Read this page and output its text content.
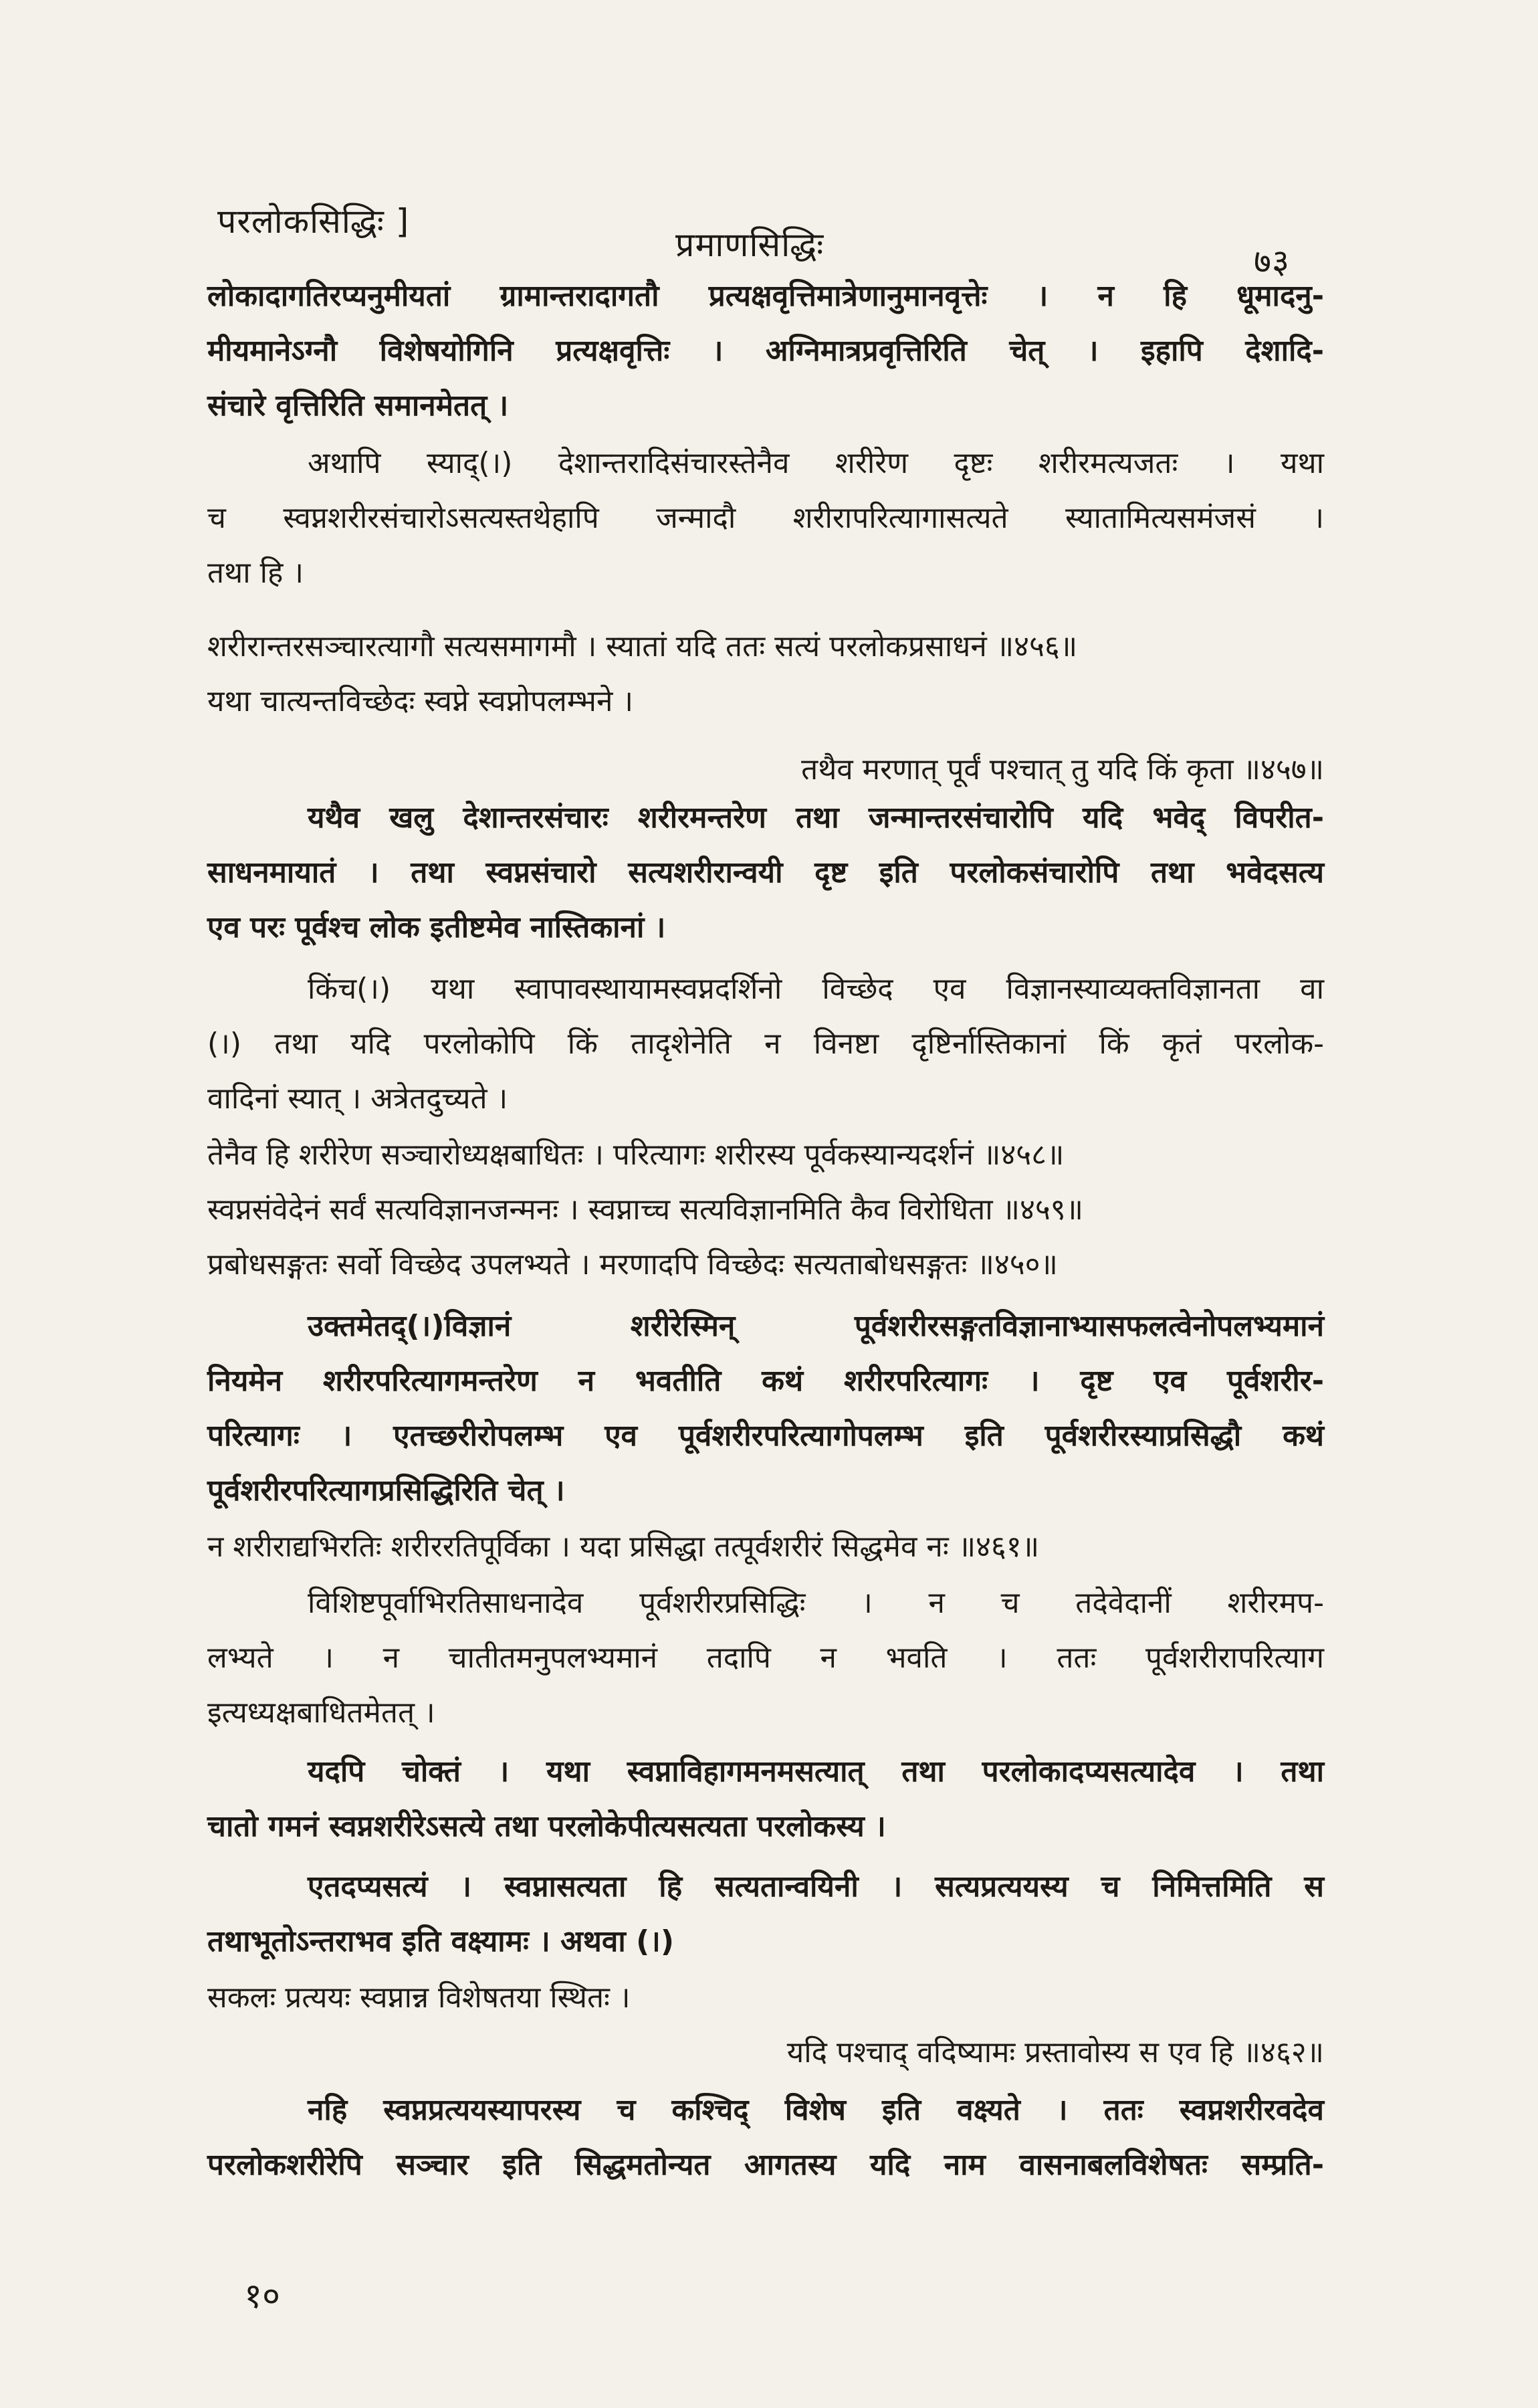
परलोकसिद्धिः ]
प्रमाणसिद्धिः	७३

लोकादागतिरप्यनुमीयतां ग्रामान्तरादागतौ प्रत्यक्षवृत्तिमात्रेणानुमानवृत्तेः । न हि धूमादनु-

मीयमानेऽग्नौ विशेषयोगिनि प्रत्यक्षवृत्तिः । अग्निमात्रप्रवृत्तिरिति चेत् । इहापि देशादि-

संचारे वृत्तिरिति समानमेतत् ।

अथापि स्याद्(।) देशान्तरादिसंचारस्तेनैव शरीरेण दृष्टः शरीरमत्यजतः । यथा

च स्वप्नशरीरसंचारोऽसत्यस्तथेहापि जन्मादौ शरीरापरित्यागासत्यते स्यातामित्यसमंजसं ।

तथा हि ।

शरीरान्तरसञ्चारत्यागौ सत्यसमागमौ । स्यातां यदि ततः सत्यं परलोकप्रसाधनं ॥४५६॥

यथा चात्यन्तविच्छेदः स्वप्ने स्वप्नोपलम्भने ।

तथैव मरणात् पूर्वं पश्चात् तु यदि किं कृता ॥४५७॥

यथैव खलु देशान्तरसंचारः शरीरमन्तरेण तथा जन्मान्तरसंचारोपि यदि भवेद् विपरीत-

साधनमायातं । तथा स्वप्नसंचारो सत्यशरीरान्वयी दृष्ट इति परलोकसंचारोपि तथा भवेदसत्य

एव परः पूर्वश्च लोक इतीष्टमेव नास्तिकानां ।

किंच(।) यथा स्वापावस्थायामस्वप्नदर्शिनो विच्छेद एव विज्ञानस्याव्यक्तविज्ञानता वा

(।) तथा यदि परलोकोपि किं तादृशेनेति न विनष्टा दृष्टिर्नास्तिकानां किं कृतं परलोक-

वादिनां स्यात् । अत्रेतदुच्यते ।

तेनैव हि शरीरेण सञ्चारोध्यक्षबाधितः । परित्यागः शरीरस्य पूर्वकस्यान्यदर्शनं ॥४५८॥

स्वप्नसंवेदेनं सर्वं सत्यविज्ञानजन्मनः । स्वप्नाच्च सत्यविज्ञानमिति कैव विरोधिता ॥४५९॥

प्रबोधसङ्गतः सर्वो विच्छेद उपलभ्यते । मरणादपि विच्छेदः सत्यताबोधसङ्गतः ॥४५०॥

उक्तमेतद्(।)विज्ञानं शरीरेस्मिन् पूर्वशरीरसङ्गतविज्ञानाभ्यासफलत्वेनोपलभ्यमानं

नियमेन शरीरपरित्यागमन्तरेण न भवतीति कथं शरीरपरित्यागः । दृष्ट एव पूर्वशरीर-

परित्यागः । एतच्छरीरोपलम्भ एव पूर्वशरीरपरित्यागोपलम्भ इति पूर्वशरीरस्याप्रसिद्धौ कथं

पूर्वशरीरपरित्यागप्रसिद्धिरिति चेत् ।

न शरीराद्यभिरतिः शरीररतिपूर्विका । यदा प्रसिद्धा तत्पूर्वशरीरं सिद्धमेव नः ॥४६१॥

विशिष्टपूर्वाभिरतिसाधनादेव पूर्वशरीरप्रसिद्धिः । न च तदेवेदानीं शरीरमप-

लभ्यते । न चातीतमनुपलभ्यमानं तदापि न भवति । ततः पूर्वशरीरापरित्याग

इत्यध्यक्षबाधितमेतत् ।

यदपि चोक्तं । यथा स्वप्नाविहागमनमसत्यात् तथा परलोकादप्यसत्यादेव । तथा

चातो गमनं स्वप्नशरीरेऽसत्ये तथा परलोकेपीत्यसत्यता परलोकस्य ।

एतदप्यसत्यं । स्वप्नासत्यता हि सत्यतान्वयिनी । सत्यप्रत्ययस्य च निमित्तमिति स

तथाभूतोऽन्तराभव इति वक्ष्यामः । अथवा (।)

सकलः प्रत्ययः स्वप्नान्न विशेषतया स्थितः ।

यदि पश्चाद् वदिष्यामः प्रस्तावोस्य स एव हि ॥४६२॥

नहि स्वप्नप्रत्ययस्यापरस्य च कश्चिद् विशेष इति वक्ष्यते । ततः स्वप्नशरीरवदेव

परलोकशरीरेपि सञ्चार इति सिद्धमतोन्यत आगतस्य यदि नाम वासनाबलविशेषतः सम्प्रति-

१०
